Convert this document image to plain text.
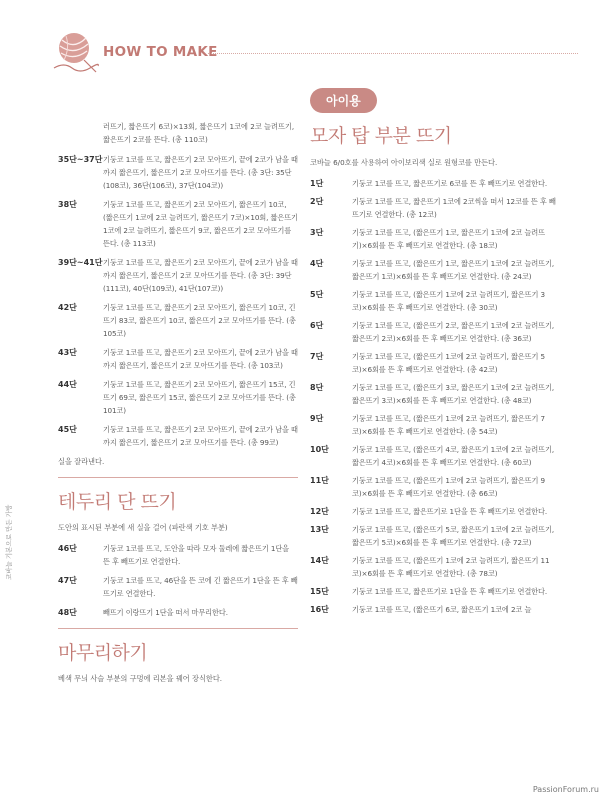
HOW TO MAKE
러뜨기, 짧은뜨기 6코)×13회, 짧은뜨기 1코에 2코 늘려뜨기, 짧은뜨기 2코를 뜬다. (총 110코)
35단~37단 기둥코 1코를 뜨고, 짧은뜨기 2코 모아뜨기, 끝에 2코가 남을 때까지 짧은뜨기, 짧은뜨기 2코 모아뜨기를 뜬다. (총 3단: 35단(108코), 36단(106코), 37단(104코))
38단	기둥코 1코를 뜨고, 짧은뜨기 2코 모아뜨기, 짧은뜨기 10코, (짧은뜨기 1코에 2코 늘려뜨기, 짧은뜨기 7코)×10회, 짧은뜨기 1코에 2코 늘려뜨기, 짧은뜨기 9코, 짧은뜨기 2코 모아뜨기를 뜬다. (총 113코)
39단~41단 기둥코 1코를 뜨고, 짧은뜨기 2코 모아뜨기, 끝에 2코가 남을 때까지 짧은뜨기, 짧은뜨기 2코 모아뜨기를 뜬다. (총 3단: 39단(111코), 40단(109코), 41단(107코))
42단	기둥코 1코를 뜨고, 짧은뜨기 2코 모아뜨기, 짧은뜨기 10코, 긴뜨기 83코, 짧은뜨기 10코, 짧은뜨기 2코 모아뜨기를 뜬다. (총 105코)
43단	기둥코 1코를 뜨고, 짧은뜨기 2코 모아뜨기, 끝에 2코가 남을 때까지 짧은뜨기, 짧은뜨기 2코 모아뜨기를 뜬다. (총 103코)
44단	기둥코 1코를 뜨고, 짧은뜨기 2코 모아뜨기, 짧은뜨기 15코, 긴뜨기 69코, 짧은뜨기 15코, 짧은뜨기 2코 모아뜨기를 뜬다. (총 101코)
45단	기둥코 1코를 뜨고, 짧은뜨기 2코 모아뜨기, 끝에 2코가 남을 때까지 짧은뜨기, 짧은뜨기 2코 모아뜨기를 뜬다. (총 99코)
실을 잘라낸다.
테두리 단 뜨기
도안의 표시된 부분에 새 실을 걸어 (파란색 기호 부분)
46단	기둥코 1코를 뜨고, 도안을 따라 모자 둘레에 짧은뜨기 1단을 뜬 후 빼뜨기로 연결한다.
47단	기둥코 1코를 뜨고, 46단을 뜬 코에 긴 짧은뜨기 1단을 뜬 후 빼뜨기로 연결한다.
48단	빼뜨기 이랑뜨기 1단을 떠서 마무리한다.
마무리하기
베색 무늬 사슬 부분의 구멍에 리본을 꿰어 장식한다.
아이용
모자 탑 부분 뜨기
코바늘 6/0호를 사용하여 아이보리색 실로 원형코를 만든다.
1단	기둥코 1코를 뜨고, 짧은뜨기로 6코를 뜬 후 빼뜨기로 연결한다.
2단	기둥코 1코를 뜨고, 짧은뜨기 1코에 2코씩을 떠서 12코를 뜬 후 빼뜨기로 연결한다. (총 12코)
3단	기둥코 1코를 뜨고, (짧은뜨기 1코, 짧은뜨기 1코에 2코 늘려뜨기)×6회를 뜬 후 빼뜨기로 연결한다. (총 18코)
4단	기둥코 1코를 뜨고, (짧은뜨기 1코, 짧은뜨기 1코에 2코 늘려뜨기, 짧은뜨기 1코)×6회를 뜬 후 빼뜨기로 연결한다. (총 24코)
5단	기둥코 1코를 뜨고, (짧은뜨기 1코에 2코 늘려뜨기, 짧은뜨기 3코)×6회를 뜬 후 빼뜨기로 연결한다. (총 30코)
6단	기둥코 1코를 뜨고, (짧은뜨기 2코, 짧은뜨기 1코에 2코 늘려뜨기, 짧은뜨기 2코)×6회를 뜬 후 빼뜨기로 연결한다. (총 36코)
7단	기둥코 1코를 뜨고, (짧은뜨기 1코에 2코 늘려뜨기, 짧은뜨기 5코)×6회를 뜬 후 빼뜨기로 연결한다. (총 42코)
8단	기둥코 1코를 뜨고, (짧은뜨기 3코, 짧은뜨기 1코에 2코 늘려뜨기, 짧은뜨기 3코)×6회를 뜬 후 빼뜨기로 연결한다. (총 48코)
9단	기둥코 1코를 뜨고, (짧은뜨기 1코에 2코 늘려뜨기, 짧은뜨기 7코)×6회를 뜬 후 빼뜨기로 연결한다. (총 54코)
10단	기둥코 1코를 뜨고, (짧은뜨기 4코, 짧은뜨기 1코에 2코 늘려뜨기, 짧은뜨기 4코)×6회를 뜬 후 빼뜨기로 연결한다. (총 60코)
11단	기둥코 1코를 뜨고, (짧은뜨기 1코에 2코 늘려뜨기, 짧은뜨기 9코)×6회를 뜬 후 빼뜨기로 연결한다. (총 66코)
12단	기둥코 1코를 뜨고, 짧은뜨기로 1단을 뜬 후 빼뜨기로 연결한다.
13단	기둥코 1코를 뜨고, (짧은뜨기 5코, 짧은뜨기 1코에 2코 늘려뜨기, 짧은뜨기 5코)×6회를 뜬 후 빼뜨기로 연결한다. (총 72코)
14단	기둥코 1코를 뜨고, (짧은뜨기 1코에 2코 늘려뜨기, 짧은뜨기 11코)×6회를 뜬 후 빼뜨기로 연결한다. (총 78코)
15단	기둥코 1코를 뜨고, 짧은뜨기로 1단을 뜬 후 빼뜨기로 연결한다.
16단	기둥코 1코를 뜨고, (짧은뜨기 6코, 짧은뜨기 1코에 2코 늘
코바늘 기본으로 만든 가방
PassionForum.ru
